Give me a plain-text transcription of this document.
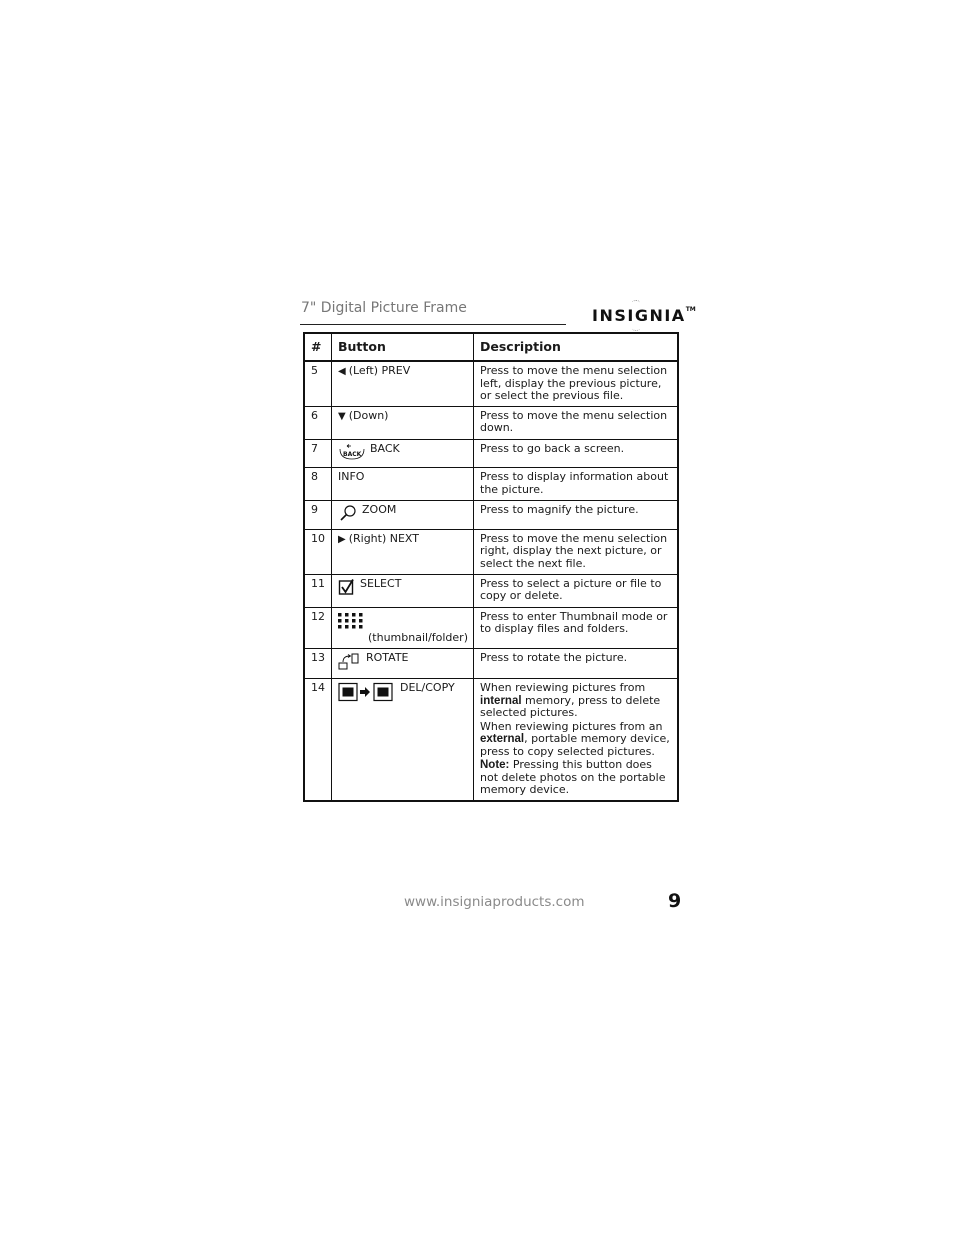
7" Digital Picture Frame	INSIGNIA™
#	Button	Description
5	◀ (Left) PREV	Press to move the menu selection left, display the previous picture, or select the previous file.
6	▼ (Down)	Press to move the menu selection down.
7	BACK BACK	Press to go back a screen.
8	INFO	Press to display information about the picture.
9	ZOOM	Press to magnify the picture.
10	▶ (Right) NEXT	Press to move the menu selection right, display the next picture, or select the next file.
11	SELECT	Press to select a picture or file to copy or delete.
12	(thumbnail/folder)	Press to enter Thumbnail mode or to display files and folders.
13	ROTATE	Press to rotate the picture.
14	DEL/COPY	When reviewing pictures from internal memory, press to delete selected pictures.

When reviewing pictures from an external, portable memory device, press to copy selected pictures.

Note: Pressing this button does not delete photos on the portable memory device.

www.insigniaproducts.com	9
